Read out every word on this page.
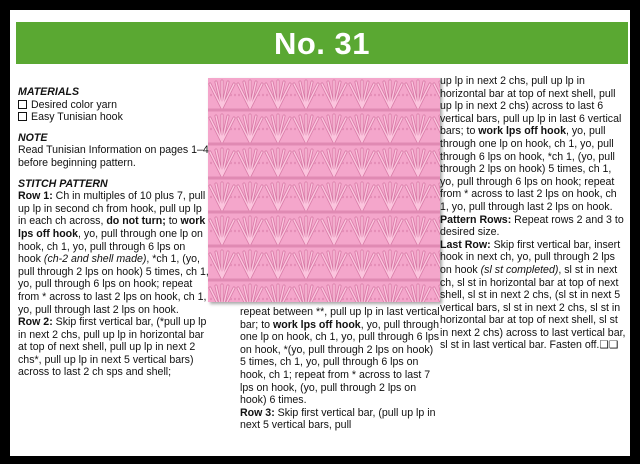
No. 31

MATERIALS

Desired color yarn

Easy Tunisian hook

NOTE

Read Tunisian Information on pages 1–4 before beginning pattern.

STITCH PATTERN

Row 1: Ch in multiples of 10 plus 7, pull up lp in second ch from hook, pull up lp in each ch across, do not turn; to work lps off hook, yo, pull through one lp on hook, ch 1, yo, pull through 6 lps on hook (ch-2 and shell made), *ch 1, (yo, pull through 2 lps on hook) 5 times, ch 1, yo, pull through 6 lps on hook; repeat from * across to last 2 lps on hook, ch 1, yo, pull through last 2 lps on hook.

Row 2: Skip first vertical bar, (*pull up lp in next 2 chs, pull up lp in horizontal bar at top of next shell, pull up lp in next 2 chs*, pull up lp in next 5 vertical bars) across to last 2 ch sps and shell;

repeat between **, pull up lp in last vertical bar; to work lps off hook, yo, pull through one lp on hook, ch 1, yo, pull through 6 lps on hook, *(yo, pull through 2 lps on hook) 5 times, ch 1, yo, pull through 6 lps on hook, ch 1; repeat from * across to last 7 lps on hook, (yo, pull through 2 lps on hook) 6 times.

Row 3: Skip first vertical bar, (pull up lp in next 5 vertical bars, pull

up lp in next 2 chs, pull up lp in horizontal bar at top of next shell, pull up lp in next 2 chs) across to last 6 vertical bars, pull up lp in last 6 vertical bars; to work lps off hook, yo, pull through one lp on hook, ch 1, yo, pull through 6 lps on hook, *ch 1, (yo, pull through 2 lps on hook) 5 times, ch 1, yo, pull through 6 lps on hook; repeat from * across to last 2 lps on hook, ch 1, yo, pull through last 2 lps on hook.

Pattern Rows: Repeat rows 2 and 3 to desired size.

Last Row: Skip first vertical bar, insert hook in next ch, yo, pull through 2 lps on hook (sl st completed), sl st in next ch, sl st in horizontal bar at top of next shell, sl st in next 2 chs, (sl st in next 5 vertical bars, sl st in next 2 chs, sl st in horizontal bar at top of next shell, sl st in next 2 chs) across to last vertical bar, sl st in last vertical bar. Fasten off.❑❑
